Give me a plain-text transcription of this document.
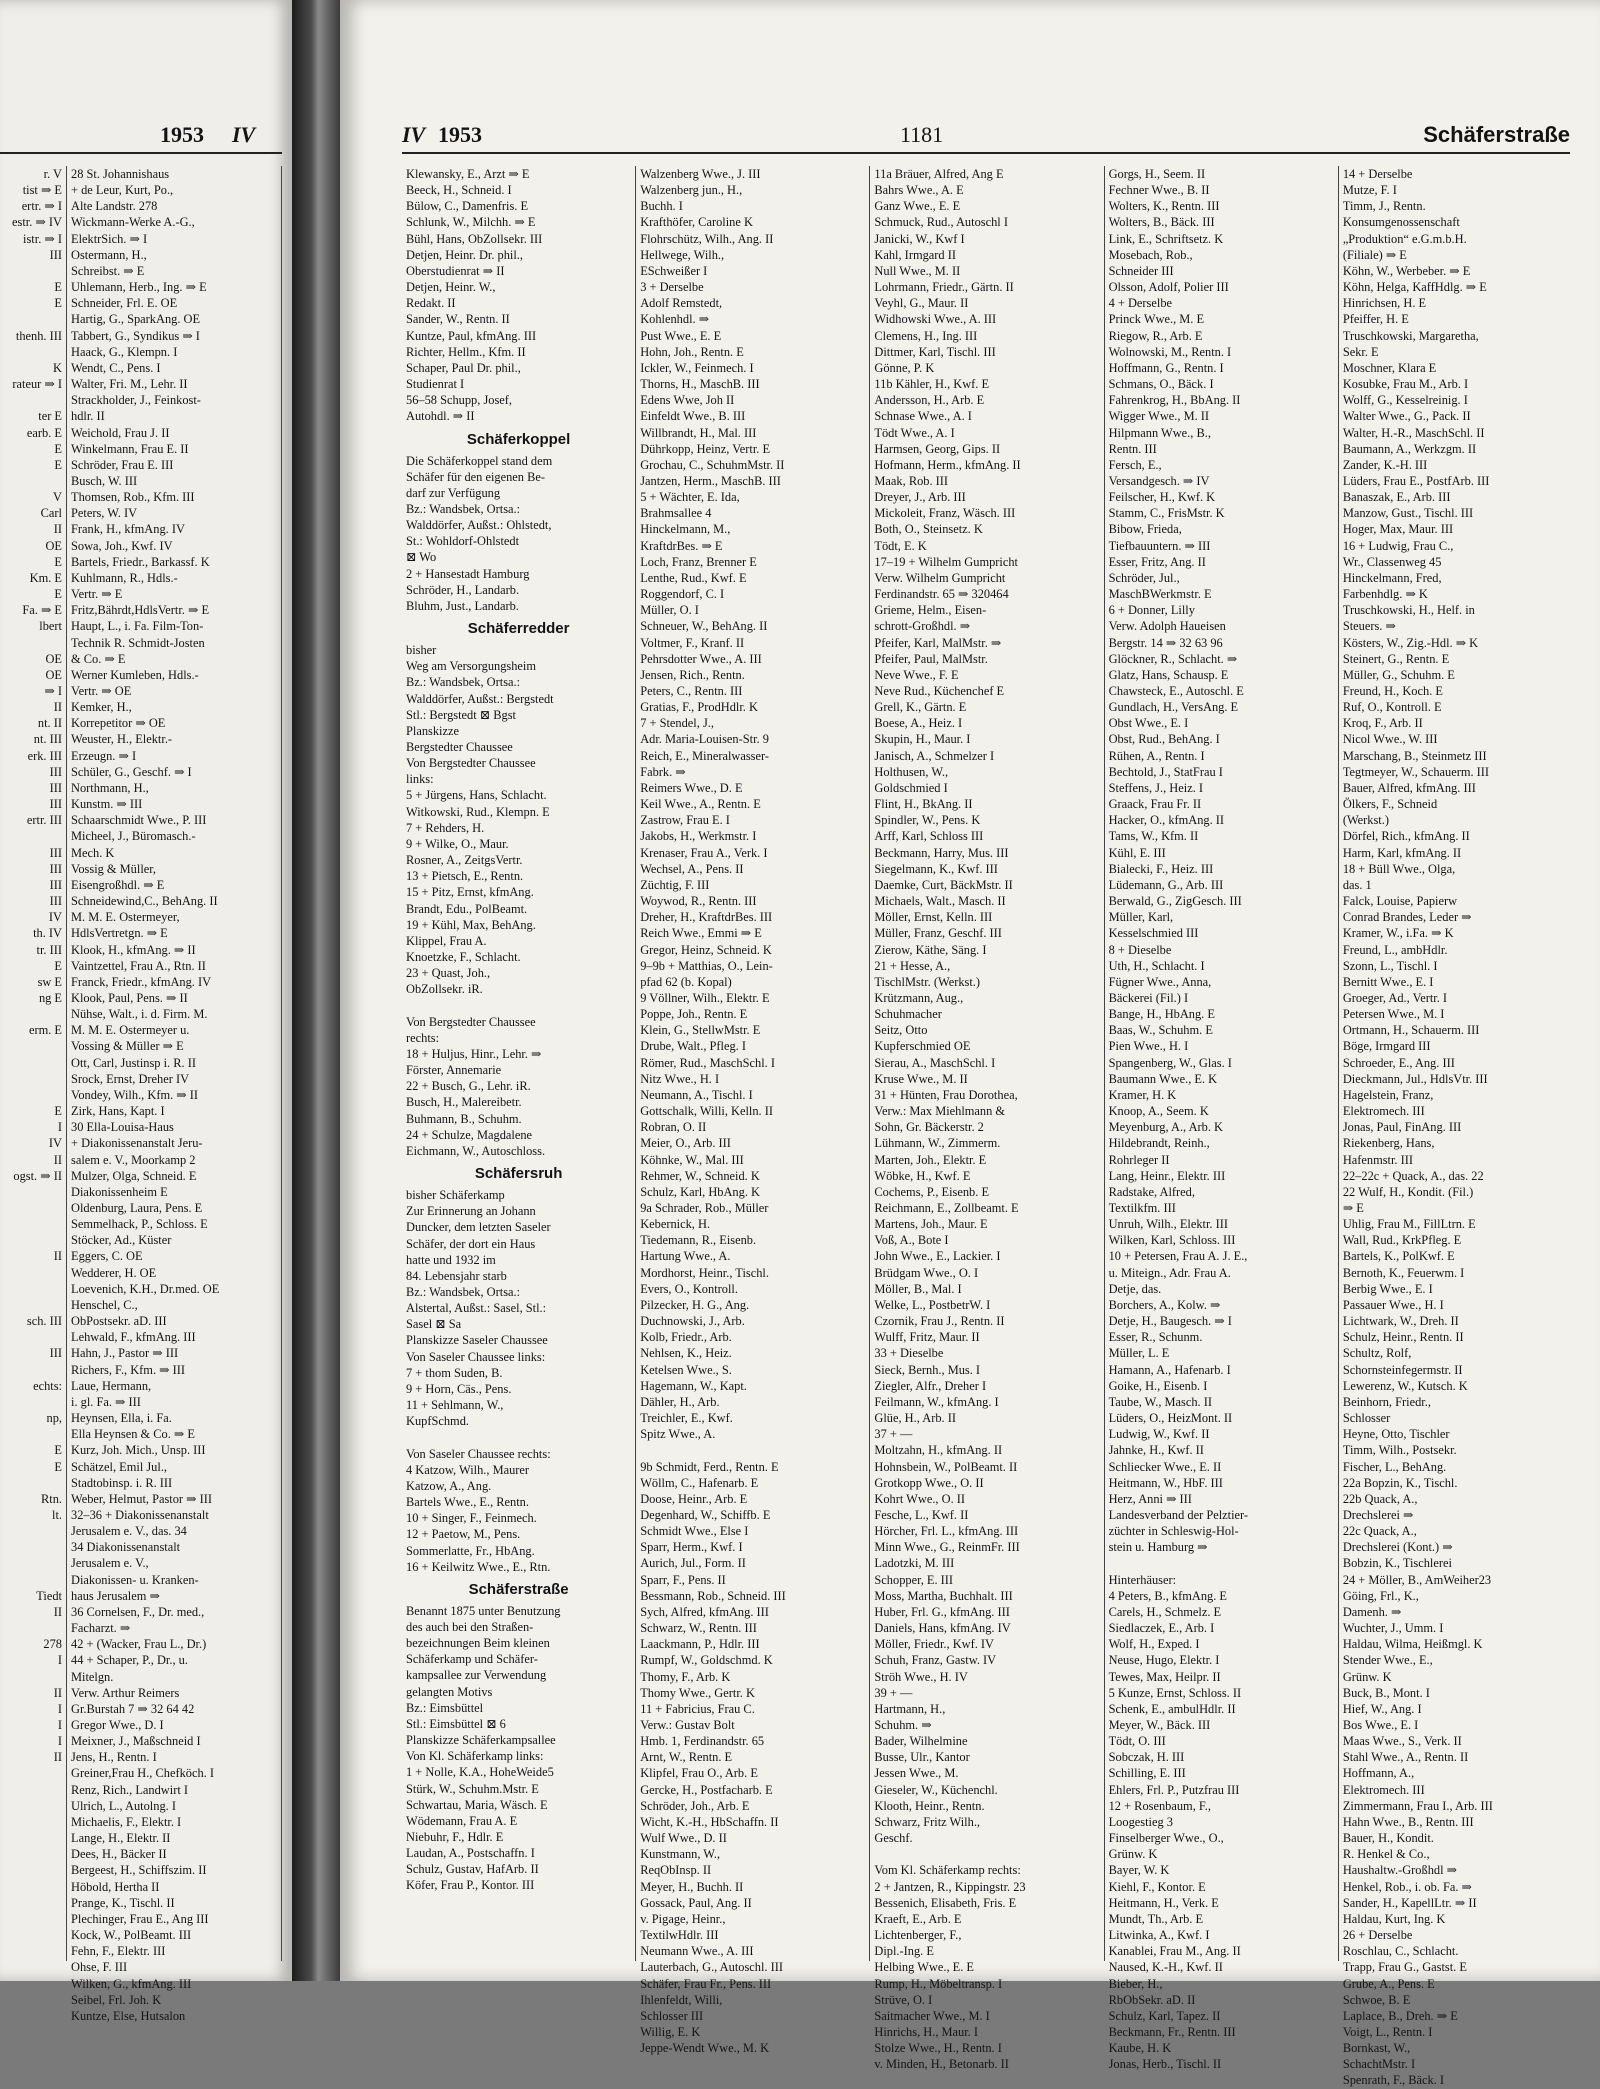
1953 IV
r. V
tist ⇒ E
ertr. ⇒ I
estr. ⇒ IV
istr. ⇒ I
III

E
E

thenh. III

K
rateur ⇒ I

ter E
earb. E
E
E

V
Carl
II
OE
E
Km. E
E
Fa. ⇒ E
lbert

OE
OE
⇒ I
II
nt. II
nt. III
erk. III
III
III
III
ertr. III

III
III
III
III
IV
th. IV
tr. III
E
sw E
ng E

erm. E

E
I
IV
II
ogst. ⇒ II

II

sch. III

III

echts:

np,

E
E

Rtn.
lt.

Tiedt
II

278
I

II
I
I
I
II
28 St. Johannishaus
+ de Leur, Kurt, Po.,
Alte Landstr. 278
Wickmann-Werke A.-G.,
ElektrSich. ⇒ I
Ostermann, H.,
Schreibst. ⇒ E
Uhlemann, Herb., Ing. ⇒ E
Schneider, Frl. E. OE
Hartig, G., SparkAng. OE
Tabbert, G., Syndikus ⇒ I
Haack, G., Klempn. I
Wendt, C., Pens. I
Walter, Fri. M., Lehr. II
Strackholder, J., Feinkost-
hdlr. II
Weichold, Frau J. II
Winkelmann, Frau E. II
Schröder, Frau E. III
Busch, W. III
Thomsen, Rob., Kfm. III
Peters, W. IV
Frank, H., kfmAng. IV
Sowa, Joh., Kwf. IV
Bartels, Friedr., Barkassf. K
Kuhlmann, R., Hdls.-
Vertr. ⇒ E
Fritz,Bährdt,HdlsVertr. ⇒ E
Haupt, L., i. Fa. Film-Ton-
Technik R. Schmidt-Josten
& Co. ⇒ E
Werner Kumleben, Hdls.-
Vertr. ⇒ OE
Kemker, H.,
Korrepetitor ⇒ OE
Weuster, H., Elektr.-
Erzeugn. ⇒ I
Schüler, G., Geschf. ⇒ I
Northmann, H.,
Kunstm. ⇒ III
Schaarschmidt Wwe., P. III
Micheel, J., Büromasch.-
Mech. K
Vossig & Müller,
Eisengroßhdl. ⇒ E
Schneidewind,C., BehAng. II
M. M. E. Ostermeyer,
HdlsVertretgn. ⇒ E
Klook, H., kfmAng. ⇒ II
Vaintzettel, Frau A., Rtn. II
Franck, Friedr., kfmAng. IV
Klook, Paul, Pens. ⇒ II
Nühse, Walt., i. d. Firm. M.
M. M. E. Ostermeyer u.
Vossing & Müller ⇒ E
Ott, Carl, Justinsp i. R. II
Srock, Ernst, Dreher IV
Vondey, Wilh., Kfm. ⇒ II
Zirk, Hans, Kapt. I
30 Ella-Louisa-Haus
+ Diakonissenanstalt Jeru-
salem e. V., Moorkamp 2
Mulzer, Olga, Schneid. E
Diakonissenheim E
Oldenburg, Laura, Pens. E
Semmelhack, P., Schloss. E
Stöcker, Ad., Küster
Eggers, C. OE
Wedderer, H. OE
Loevenich, K.H., Dr.med. OE
Henschel, C.,
ObPostsekr. aD. III
Lehwald, F., kfmAng. III
Hahn, J., Pastor ⇒ III
Richers, F., Kfm. ⇒ III
Laue, Hermann,
i. gl. Fa. ⇒ III
Heynsen, Ella, i. Fa.
Ella Heynsen & Co. ⇒ E
Kurz, Joh. Mich., Unsp. III
Schätzel, Emil Jul.,
Stadtobinsp. i. R. III
Weber, Helmut, Pastor ⇒ III
32–36 + Diakonissenanstalt
Jerusalem e. V., das. 34
34 Diakonissenanstalt
Jerusalem e. V.,
Diakonissen- u. Kranken-
haus Jerusalem ⇒
36 Cornelsen, F., Dr. med.,
Facharzt. ⇒
42 + (Wacker, Frau L., Dr.)
44 + Schaper, P., Dr., u.
Mitelgn.
Verw. Arthur Reimers
Gr.Burstah 7 ⇒ 32 64 42
Gregor Wwe., D. I
Meixner, J., Maßschneid I
Jens, H., Rentn. I
Greiner,Frau H., Chefköch. I
Renz, Rich., Landwirt I
Ulrich, L., Autolng. I
Michaelis, F., Elektr. I
Lange, H., Elektr. II
Dees, H., Bäcker II
Bergeest, H., Schiffszim. II
Höbold, Hertha II
Prange, K., Tischl. II
Plechinger, Frau E., Ang III
Kock, W., PolBeamt. III
Fehn, F., Elektr. III
Ohse, F. III
Wilken, G., kfmAng. III
Seibel, Frl. Joh. K
Kuntze, Else, Hutsalon
IV 1953	1181	Schäferstraße
Klewansky, E., Arzt ⇒ E
Beeck, H., Schneid. I
Bülow, C., Damenfris. E
Schlunk, W., Milchh. ⇒ E
Bühl, Hans, ObZollsekr. III
Detjen, Heinr. Dr. phil.,
Oberstudienrat ⇒ II
Detjen, Heinr. W.,
Redakt. II
Sander, W., Rentn. II
Kuntze, Paul, kfmAng. III
Richter, Hellm., Kfm. II
Schaper, Paul Dr. phil.,
Studienrat I
56–58 Schupp, Josef,
Autohdl. ⇒ II
Schäferkoppel
Die Schäferkoppel stand dem
Schäfer für den eigenen Be-
darf zur Verfügung
Bz.: Wandsbek, Ortsa.:
Walddörfer, Außst.: Ohlstedt,
St.: Wohldorf-Ohlstedt
⊠ Wo
2 + Hansestadt Hamburg
Schröder, H., Landarb.
Bluhm, Just., Landarb.
Schäferredder
bisher
Weg am Versorgungsheim
Bz.: Wandsbek, Ortsa.:
Walddörfer, Außst.: Bergstedt
Stl.: Bergstedt ⊠ Bgst
Planskizze
Bergstedter Chaussee
Von Bergstedter Chaussee
links:
5 + Jürgens, Hans, Schlacht.
Witkowski, Rud., Klempn. E
7 + Rehders, H.
9 + Wilke, O., Maur.
Rosner, A., ZeitgsVertr.
13 + Pietsch, E., Rentn.
15 + Pitz, Ernst, kfmAng.
Brandt, Edu., PolBeamt.
19 + Kühl, Max, BehAng.
Klippel, Frau A.
Knoetzke, F., Schlacht.
23 + Quast, Joh.,
ObZollsekr. iR.

Von Bergstedter Chaussee
rechts:
18 + Huljus, Hinr., Lehr. ⇒
Förster, Annemarie
22 + Busch, G., Lehr. iR.
Busch, H., Malereibetr.
Buhmann, B., Schuhm.
24 + Schulze, Magdalene
Eichmann, W., Autoschloss.
Schäfersruh
bisher Schäferkamp
Zur Erinnerung an Johann
Duncker, dem letzten Saseler
Schäfer, der dort ein Haus
hatte und 1932 im
84. Lebensjahr starb
Bz.: Wandsbek, Ortsa.:
Alstertal, Außst.: Sasel, Stl.:
Sasel ⊠ Sa
Planskizze Saseler Chaussee
Von Saseler Chaussee links:
7 + thom Suden, B.
9 + Horn, Cäs., Pens.
11 + Sehlmann, W.,
KupfSchmd.

Von Saseler Chaussee rechts:
4 Katzow, Wilh., Maurer
Katzow, A., Ang.
Bartels Wwe., E., Rentn.
10 + Singer, F., Feinmech.
12 + Paetow, M., Pens.
Sommerlatte, Fr., HbAng.
16 + Keilwitz Wwe., E., Rtn.
Schäferstraße
Benannt 1875 unter Benutzung
des auch bei den Straßen-
bezeichnungen Beim kleinen
Schäferkamp und Schäfer-
kampsallee zur Verwendung
gelangten Motivs
Bz.: Eimsbüttel
Stl.: Eimsbüttel ⊠ 6
Planskizze Schäferkampsallee
Von Kl. Schäferkamp links:
1 + Nolle, K.A., HoheWeide5
Stürk, W., Schuhm.Mstr. E
Schwartau, Maria, Wäsch. E
Wödemann, Frau A. E
Niebuhr, F., Hdlr. E
Laudan, A., Postschaffn. I
Schulz, Gustav, HafArb. II
Köfer, Frau P., Kontor. III
Walzenberg Wwe., J. III
Walzenberg jun., H.,
Buchh. I
Krafthöfer, Caroline K
Flohrschütz, Wilh., Ang. II
Hellwege, Wilh.,
ESchweißer I
3 + Derselbe
Adolf Remstedt,
Kohlenhdl. ⇒
Pust Wwe., E. E
Hohn, Joh., Rentn. E
Ickler, W., Feinmech. I
Thorns, H., MaschB. III
Edens Wwe, Joh II
Einfeldt Wwe., B. III
Willbrandt, H., Mal. III
Dührkopp, Heinz, Vertr. E
Grochau, C., SchuhmMstr. II
Jantzen, Herm., MaschB. III
5 + Wächter, E. Ida,
Brahmsallee 4
Hinckelmann, M.,
KraftdrBes. ⇒ E
Loch, Franz, Brenner E
Lenthe, Rud., Kwf. E
Roggendorf, C. I
Müller, O. I
Schneuer, W., BehAng. II
Voltmer, F., Kranf. II
Pehrsdotter Wwe., A. III
Jensen, Rich., Rentn.
Peters, C., Rentn. III
Gratias, F., ProdHdlr. K
7 + Stendel, J.,
Adr. Maria-Louisen-Str. 9
Reich, E., Mineralwasser-
Fabrk. ⇒
Reimers Wwe., D. E
Keil Wwe., A., Rentn. E
Zastrow, Frau E. I
Jakobs, H., Werkmstr. I
Krenaser, Frau A., Verk. I
Wechsel, A., Pens. II
Züchtig, F. III
Woywod, R., Rentn. III
Dreher, H., KraftdrBes. III
Reich Wwe., Emmi ⇒ E
Gregor, Heinz, Schneid. K
9–9b + Matthias, O., Lein-
pfad 62 (b. Kopal)
9 Völlner, Wilh., Elektr. E
Poppe, Joh., Rentn. E
Klein, G., StellwMstr. E
Drube, Walt., Pfleg. I
Römer, Rud., MaschSchl. I
Nitz Wwe., H. I
Neumann, A., Tischl. I
Gottschalk, Willi, Kelln. II
Robran, O. II
Meier, O., Arb. III
Köhnke, W., Mal. III
Rehmer, W., Schneid. K
Schulz, Karl, HbAng. K
9a Schrader, Rob., Müller
Kebernick, H.
Tiedemann, R., Eisenb.
Hartung Wwe., A.
Mordhorst, Heinr., Tischl.
Evers, O., Kontroll.
Pilzecker, H. G., Ang.
Duchnowski, J., Arb.
Kolb, Friedr., Arb.
Nehlsen, K., Heiz.
Ketelsen Wwe., S.
Hagemann, W., Kapt.
Dähler, H., Arb.
Treichler, E., Kwf.
Spitz Wwe., A.

9b Schmidt, Ferd., Rentn. E
Wöllm, C., Hafenarb. E
Doose, Heinr., Arb. E
Degenhard, W., Schiffb. E
Schmidt Wwe., Else I
Sparr, Herm., Kwf. I
Aurich, Jul., Form. II
Sparr, F., Pens. II
Bessmann, Rob., Schneid. III
Sych, Alfred, kfmAng. III
Schwarz, W., Rentn. III
Laackmann, P., Hdlr. III
Rumpf, W., Goldschmd. K
Thomy, F., Arb. K
Thomy Wwe., Gertr. K
11 + Fabricius, Frau C.
Verw.: Gustav Bolt
Hmb. 1, Ferdinandstr. 65
Arnt, W., Rentn. E
Klipfel, Frau O., Arb. E
Gercke, H., Postfacharb. E
Schröder, Joh., Arb. E
Wicht, K.-H., HbSchaffn. II
Wulf Wwe., D. II
Kunstmann, W.,
ReqObInsp. II
Meyer, H., Buchh. II
Gossack, Paul, Ang. II
v. Pigage, Heinr.,
TextilwHdlr. III
Neumann Wwe., A. III
Lauterbach, G., Autoschl. III
Schäfer, Frau Fr., Pens. III
Ihlenfeldt, Willi,
Schlosser III
Willig, E. K
Jeppe-Wendt Wwe., M. K
11a Bräuer, Alfred, Ang E
Bahrs Wwe., A. E
Ganz Wwe., E. E
Schmuck, Rud., Autoschl I
Janicki, W., Kwf I
Kahl, Irmgard II
Null Wwe., M. II
Lohrmann, Friedr., Gärtn. II
Veyhl, G., Maur. II
Widhowski Wwe., A. III
Clemens, H., Ing. III
Dittmer, Karl, Tischl. III
Gönne, P. K
11b Kähler, H., Kwf. E
Andersson, H., Arb. E
Schnase Wwe., A. I
Tödt Wwe., A. I
Harmsen, Georg, Gips. II
Hofmann, Herm., kfmAng. II
Maak, Rob. III
Dreyer, J., Arb. III
Mickoleit, Franz, Wäsch. III
Both, O., Steinsetz. K
Tödt, E. K
17–19 + Wilhelm Gumpricht
Verw. Wilhelm Gumpricht
Ferdinandstr. 65 ⇒ 320464
Grieme, Helm., Eisen-
schrott-Großhdl. ⇒
Pfeifer, Karl, MalMstr. ⇒
Pfeifer, Paul, MalMstr.
Neve Wwe., F. E
Neve Rud., Küchenchef E
Grell, K., Gärtn. E
Boese, A., Heiz. I
Skupin, H., Maur. I
Janisch, A., Schmelzer I
Holthusen, W.,
Goldschmied I
Flint, H., BkAng. II
Spindler, W., Pens. K
Arff, Karl, Schloss III
Beckmann, Harry, Mus. III
Siegelmann, K., Kwf. III
Daemke, Curt, BäckMstr. II
Michaels, Walt., Masch. II
Möller, Ernst, Kelln. III
Müller, Franz, Geschf. III
Zierow, Käthe, Säng. I
21 + Hesse, A.,
TischlMstr. (Werkst.)
Krützmann, Aug.,
Schuhmacher
Seitz, Otto
Kupferschmied OE
Sierau, A., MaschSchl. I
Kruse Wwe., M. II
31 + Hünten, Frau Dorothea,
Verw.: Max Miehlmann &
Sohn, Gr. Bäckerstr. 2
Lühmann, W., Zimmerm.
Marten, Joh., Elektr. E
Wöbke, H., Kwf. E
Cochems, P., Eisenb. E
Reichmann, E., Zollbeamt. E
Martens, Joh., Maur. E
Voß, A., Bote I
John Wwe., E., Lackier. I
Brüdgam Wwe., O. I
Möller, B., Mal. I
Welke, L., PostbetrW. I
Czornik, Frau J., Rentn. II
Wulff, Fritz, Maur. II
33 + Dieselbe
Sieck, Bernh., Mus. I
Ziegler, Alfr., Dreher I
Feilmann, W., kfmAng. I
Glüe, H., Arb. II
37 + —
Moltzahn, H., kfmAng. II
Hohnsbein, W., PolBeamt. II
Grotkopp Wwe., O. II
Kohrt Wwe., O. II
Fesche, L., Kwf. II
Hörcher, Frl. L., kfmAng. III
Minn Wwe., G., ReinmFr. III
Ladotzki, M. III
Schopper, E. III
Moss, Martha, Buchhalt. III
Huber, Frl. G., kfmAng. III
Daniels, Hans, kfmAng. IV
Möller, Friedr., Kwf. IV
Schuh, Franz, Gastw. IV
Ströh Wwe., H. IV
39 + —
Hartmann, H.,
Schuhm. ⇒
Bader, Wilhelmine
Busse, Ulr., Kantor
Jessen Wwe., M.
Gieseler, W., Küchenchl.
Klooth, Heinr., Rentn.
Schwarz, Fritz Wilh.,
Geschf.

Vom Kl. Schäferkamp rechts:
2 + Jantzen, R., Kippingstr. 23
Bessenich, Elisabeth, Fris. E
Kraeft, E., Arb. E
Lichtenberger, F.,
Dipl.-Ing. E
Helbing Wwe., E. E
Rump, H., Möbeltransp. I
Strüve, O. I
Saitmacher Wwe., M. I
Hinrichs, H., Maur. I
Stolze Wwe., H., Rentn. I
v. Minden, H., Betonarb. II
Gorgs, H., Seem. II
Fechner Wwe., B. II
Wolters, K., Rentn. III
Wolters, B., Bäck. III
Link, E., Schriftsetz. K
Mosebach, Rob.,
Schneider III
Olsson, Adolf, Polier III
4 + Derselbe
Princk Wwe., M. E
Riegow, R., Arb. E
Wolnowski, M., Rentn. I
Hoffmann, G., Rentn. I
Schmans, O., Bäck. I
Fahrenkrog, H., BbAng. II
Wigger Wwe., M. II
Hilpmann Wwe., B.,
Rentn. III
Fersch, E.,
Versandgesch. ⇒ IV
Feilscher, H., Kwf. K
Stamm, C., FrisMstr. K
Bibow, Frieda,
Tiefbauuntern. ⇒ III
Esser, Fritz, Ang. II
Schröder, Jul.,
MaschBWerkmstr. E
6 + Donner, Lilly
Verw. Adolph Haueisen
Bergstr. 14 ⇒ 32 63 96
Glöckner, R., Schlacht. ⇒
Glatz, Hans, Schausp. E
Chawsteck, E., Autoschl. E
Gundlach, H., VersAng. E
Obst Wwe., E. I
Obst, Rud., BehAng. I
Rühen, A., Rentn. I
Bechtold, J., StatFrau I
Steffens, J., Heiz. I
Graack, Frau Fr. II
Hacker, O., kfmAng. II
Tams, W., Kfm. II
Kühl, E. III
Bialecki, F., Heiz. III
Lüdemann, G., Arb. III
Berwald, G., ZigGesch. III
Müller, Karl,
Kesselschmied III
8 + Dieselbe
Uth, H., Schlacht. I
Fügner Wwe., Anna,
Bäckerei (Fil.) I
Bange, H., HbAng. E
Baas, W., Schuhm. E
Pien Wwe., H. I
Spangenberg, W., Glas. I
Baumann Wwe., E. K
Kramer, H. K
Knoop, A., Seem. K
Meyenburg, A., Arb. K
Hildebrandt, Reinh.,
Rohrleger II
Lang, Heinr., Elektr. III
Radstake, Alfred,
Textilkfm. III
Unruh, Wilh., Elektr. III
Wilken, Karl, Schloss. III
10 + Petersen, Frau A. J. E.,
u. Miteign., Adr. Frau A.
Detje, das.
Borchers, A., Kolw. ⇒
Detje, H., Baugesch. ⇒ I
Esser, R., Schunm.
Müller, L. E
Hamann, A., Hafenarb. I
Goike, H., Eisenb. I
Taube, W., Masch. II
Lüders, O., HeizMont. II
Ludwig, W., Kwf. II
Jahnke, H., Kwf. II
Schliecker Wwe., E. II
Heitmann, W., HbF. III
Herz, Anni ⇒ III
Landesverband der Pelztier-
züchter in Schleswig-Hol-
stein u. Hamburg ⇒

Hinterhäuser:
4 Peters, B., kfmAng. E
Carels, H., Schmelz. E
Siedlaczek, E., Arb. I
Wolf, H., Exped. I
Neuse, Hugo, Elektr. I
Tewes, Max, Heilpr. II
5 Kunze, Ernst, Schloss. II
Schenk, E., ambulHdlr. II
Meyer, W., Bäck. III
Tödt, O. III
Sobczak, H. III
Schilling, E. III
Ehlers, Frl. P., Putzfrau III
12 + Rosenbaum, F.,
Loogestieg 3
Finselberger Wwe., O.,
Grünw. K
Bayer, W. K
Kiehl, F., Kontor. E
Heitmann, H., Verk. E
Mundt, Th., Arb. E
Litwinka, A., Kwf. I
Kanablei, Frau M., Ang. II
Naused, K.-H., Kwf. II
Bieber, H.,
RbObSekr. aD. II
Schulz, Karl, Tapez. II
Beckmann, Fr., Rentn. III
Kaube, H. K
Jonas, Herb., Tischl. II
14 + Derselbe
Mutze, F. I
Timm, J., Rentn.
Konsumgenossenschaft
„Produktion“ e.G.m.b.H.
(Filiale) ⇒ E
Köhn, W., Werbeber. ⇒ E
Köhn, Helga, KaffHdlg. ⇒ E
Hinrichsen, H. E
Pfeiffer, H. E
Truschkowski, Margaretha,
Sekr. E
Moschner, Klara E
Kosubke, Frau M., Arb. I
Wolff, G., Kesselreinig. I
Walter Wwe., G., Pack. II
Walter, H.-R., MaschSchl. II
Baumann, A., Werkzgm. II
Zander, K.-H. III
Lüders, Frau E., PostfArb. III
Banaszak, E., Arb. III
Manzow, Gust., Tischl. III
Hoger, Max, Maur. III
16 + Ludwig, Frau C.,
Wr., Classenweg 45
Hinckelmann, Fred,
Farbenhdlg. ⇒ K
Truschkowski, H., Helf. in
Steuers. ⇒
Kösters, W., Zig.-Hdl. ⇒ K
Steinert, G., Rentn. E
Müller, G., Schuhm. E
Freund, H., Koch. E
Ruf, O., Kontroll. E
Kroq, F., Arb. II
Nicol Wwe., W. III
Marschang, B., Steinmetz III
Tegtmeyer, W., Schauerm. III
Bauer, Alfred, kfmAng. III
Ölkers, F., Schneid
(Werkst.)
Dörfel, Rich., kfmAng. II
Harm, Karl, kfmAng. II
18 + Büll Wwe., Olga,
das. 1
Falck, Louise, Papierw
Conrad Brandes, Leder ⇒
Kramer, W., i.Fa. ⇒ K
Freund, L., ambHdlr.
Szonn, L., Tischl. I
Bernitt Wwe., E. I
Groeger, Ad., Vertr. I
Petersen Wwe., M. I
Ortmann, H., Schauerm. III
Böge, Irmgard III
Schroeder, E., Ang. III
Dieckmann, Jul., HdlsVtr. III
Hagelstein, Franz,
Elektromech. III
Jonas, Paul, FinAng. III
Riekenberg, Hans,
Hafenmstr. III
22–22c + Quack, A., das. 22
22 Wulf, H., Kondit. (Fil.)
⇒ E
Uhlig, Frau M., FillLtrn. E
Wall, Rud., KrkPfleg. E
Bartels, K., PolKwf. E
Bernoth, K., Feuerwm. I
Berbig Wwe., E. I
Passauer Wwe., H. I
Lichtwark, W., Dreh. II
Schulz, Heinr., Rentn. II
Schultz, Rolf,
Schornsteinfegermstr. II
Lewerenz, W., Kutsch. K
Beinhorn, Friedr.,
Schlosser
Heyne, Otto, Tischler
Timm, Wilh., Postsekr.
Fischer, L., BehAng.
22a Bopzin, K., Tischl.
22b Quack, A.,
Drechslerei ⇒
22c Quack, A.,
Drechslerei (Kont.) ⇒
Bobzin, K., Tischlerei
24 + Möller, B., AmWeiher23
Göing, Frl., K.,
Damenh. ⇒
Wuchter, J., Umm. I
Haldau, Wilma, Heißmgl. K
Stender Wwe., E.,
Grünw. K
Buck, B., Mont. I
Hief, W., Ang. I
Bos Wwe., E. I
Maas Wwe., S., Verk. II
Stahl Wwe., A., Rentn. II
Hoffmann, A.,
Elektromech. III
Zimmermann, Frau I., Arb. III
Hahn Wwe., B., Rentn. III
Bauer, H., Kondit.
R. Henkel & Co.,
Haushaltw.-Großhdl ⇒
Henkel, Rob., i. ob. Fa. ⇒
Sander, H., KapellLtr. ⇒ II
Haldau, Kurt, Ing. K
26 + Derselbe
Roschlau, C., Schlacht.
Trapp, Frau G., Gastst. E
Grube, A., Pens. E
Schwoe, B. E
Laplace, B., Dreh. ⇒ E
Voigt, L., Rentn. I
Bornkast, W.,
SchachtMstr. I
Spenrath, F., Bäck. I
